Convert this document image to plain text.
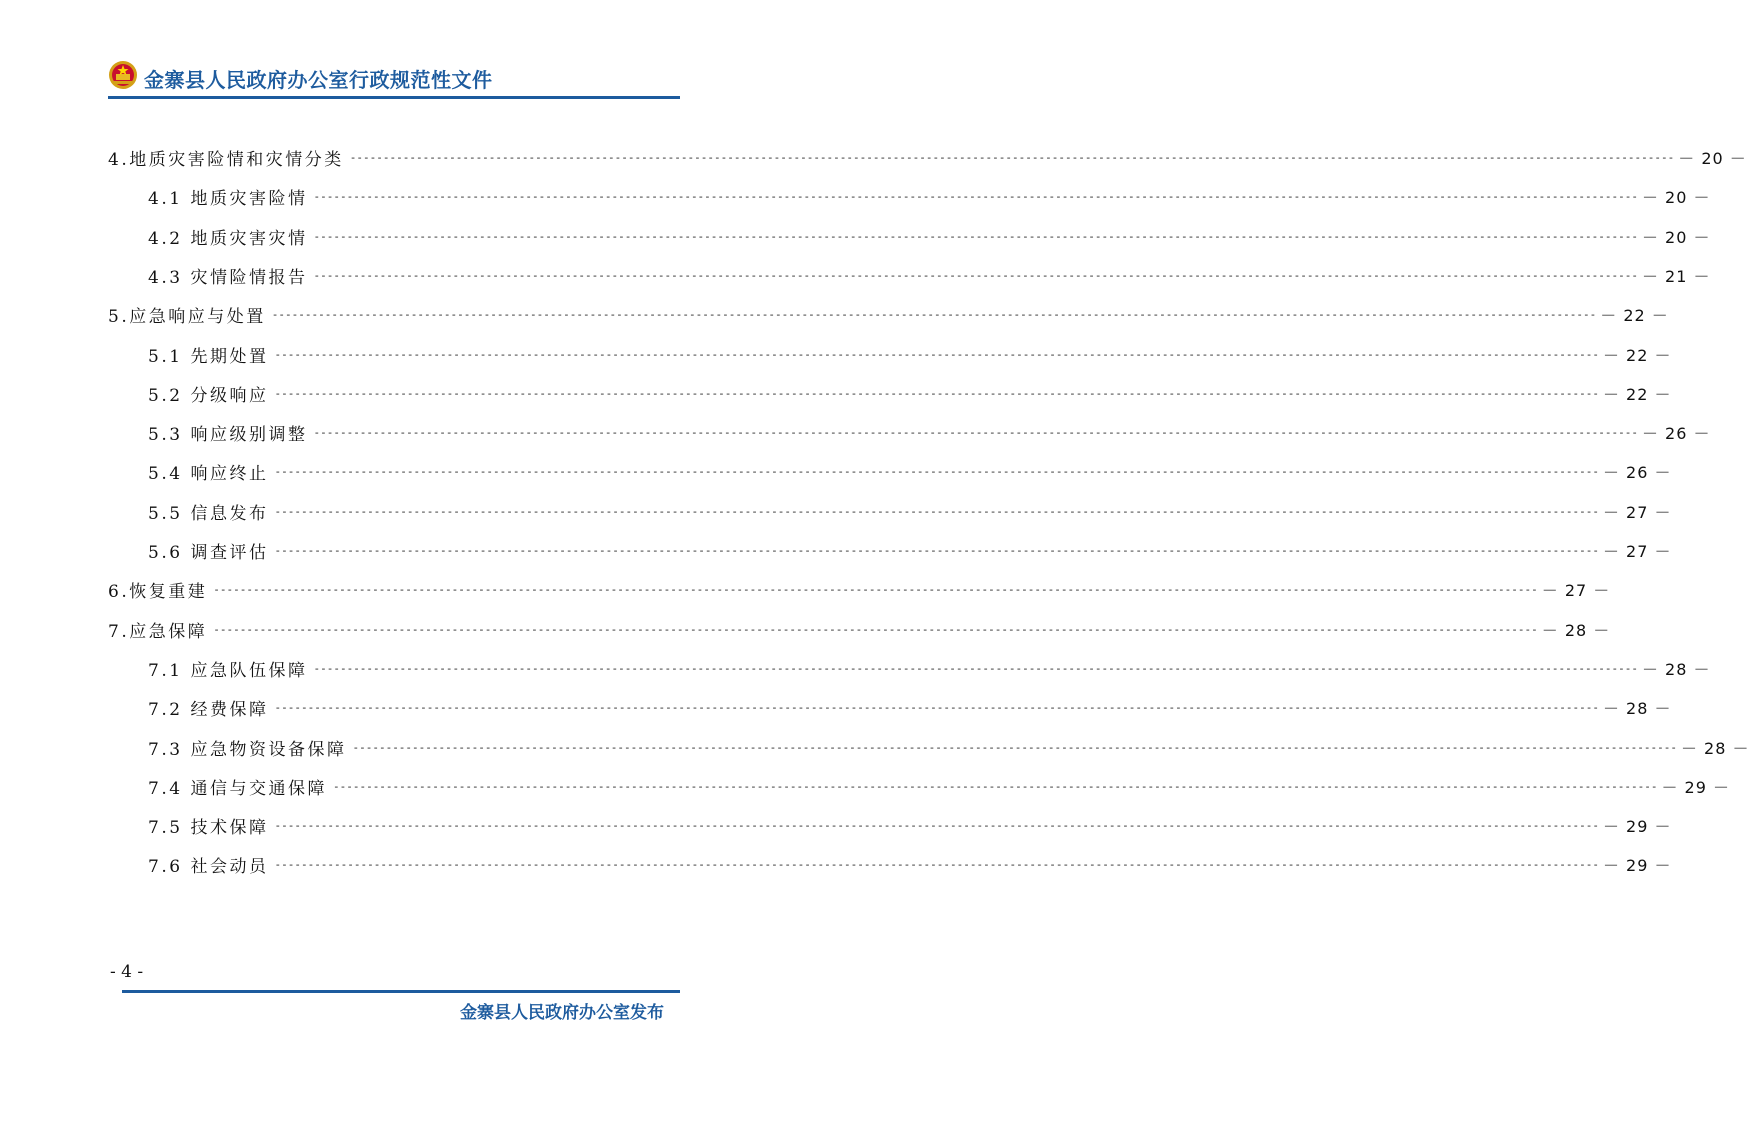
金寨县人民政府办公室行政规范性文件
4.地质灾害险情和灾情分类 -------------------------------------------------------------------------------------------------------------------------------------------------------------------------------------------------------- － 20 －
4.1 地质灾害险情 -------------------------------------------------------------------------------------------------------------------------------------------------------------------------------------------------------- － 20 －
4.2 地质灾害灾情 -------------------------------------------------------------------------------------------------------------------------------------------------------------------------------------------------------- － 20 －
4.3 灾情险情报告 -------------------------------------------------------------------------------------------------------------------------------------------------------------------------------------------------------- － 21 －
5.应急响应与处置 -------------------------------------------------------------------------------------------------------------------------------------------------------------------------------------------------------- － 22 －
5.1 先期处置 -------------------------------------------------------------------------------------------------------------------------------------------------------------------------------------------------------- － 22 －
5.2 分级响应 -------------------------------------------------------------------------------------------------------------------------------------------------------------------------------------------------------- － 22 －
5.3 响应级别调整 -------------------------------------------------------------------------------------------------------------------------------------------------------------------------------------------------------- － 26 －
5.4 响应终止 -------------------------------------------------------------------------------------------------------------------------------------------------------------------------------------------------------- － 26 －
5.5 信息发布 -------------------------------------------------------------------------------------------------------------------------------------------------------------------------------------------------------- － 27 －
5.6 调查评估 -------------------------------------------------------------------------------------------------------------------------------------------------------------------------------------------------------- － 27 －
6.恢复重建 -------------------------------------------------------------------------------------------------------------------------------------------------------------------------------------------------------- － 27 －
7.应急保障 -------------------------------------------------------------------------------------------------------------------------------------------------------------------------------------------------------- － 28 －
7.1 应急队伍保障 -------------------------------------------------------------------------------------------------------------------------------------------------------------------------------------------------------- － 28 －
7.2 经费保障 -------------------------------------------------------------------------------------------------------------------------------------------------------------------------------------------------------- － 28 －
7.3 应急物资设备保障 -------------------------------------------------------------------------------------------------------------------------------------------------------------------------------------------------------- － 28 －
7.4 通信与交通保障 -------------------------------------------------------------------------------------------------------------------------------------------------------------------------------------------------------- － 29 －
7.5 技术保障 -------------------------------------------------------------------------------------------------------------------------------------------------------------------------------------------------------- － 29 －
7.6 社会动员 -------------------------------------------------------------------------------------------------------------------------------------------------------------------------------------------------------- － 29 －
- 4 -
金寨县人民政府办公室发布
